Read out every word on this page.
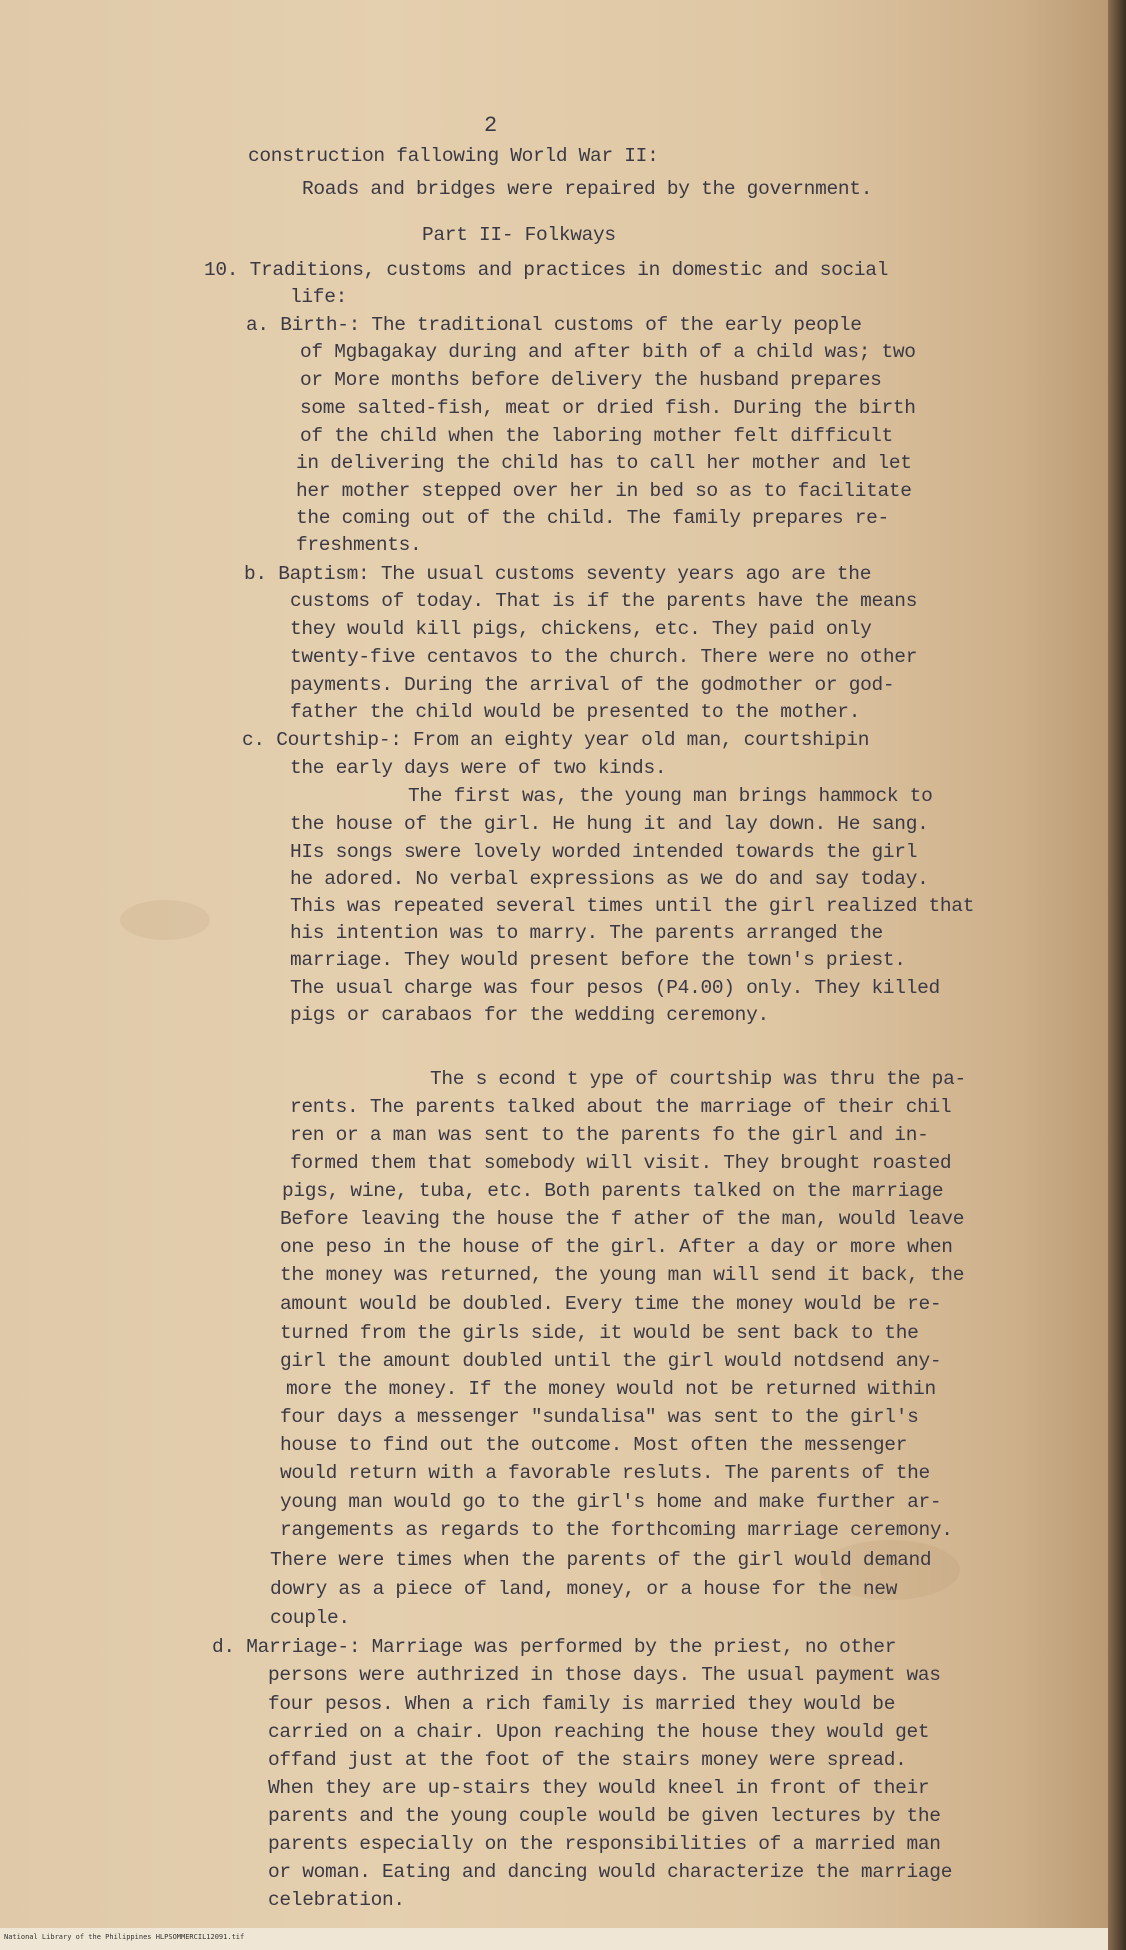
2
construction fallowing World War II:
Roads and bridges were repaired by the government.
Part II- Folkways
10. Traditions, customs and practices in domestic and social
life:
a. Birth-: The traditional customs of the early people
of Mgbagakay during and after bith of a child was; two
or More months before delivery the husband prepares
some salted-fish, meat or dried fish. During the birth
of the child when the laboring mother felt difficult
in delivering the child has to call her mother and let
her mother stepped over her in bed so as to facilitate
the coming out of the child. The family prepares re-
freshments.
b. Baptism: The usual customs seventy years ago are the
customs of today. That is if the parents have the means
they would kill pigs, chickens, etc. They paid only
twenty-five centavos to the church. There were no other
payments. During the arrival of the godmother or god-
father the child would be presented to the mother.
c. Courtship-: From an eighty year old man, courtshipin
the early days were of two kinds.
The first was, the young man brings hammock to
the house of the girl. He hung it and lay down. He sang.
HIs songs swere lovely worded intended towards the girl
he adored. No verbal expressions as we do and say today.
This was repeated several times until the girl realized that
his intention was to marry. The parents arranged the
marriage. They would present before the town's priest.
The usual charge was four pesos (P4.00) only. They killed
pigs or carabaos for the wedding ceremony.
The s econd t ype of courtship was thru the pa-
rents. The parents talked about the marriage of their chil
ren or a man was sent to the parents fo the girl and in-
formed them that somebody will visit. They brought roasted
pigs, wine, tuba, etc. Both parents talked on the marriage
Before leaving the house the f ather of the man, would leave
one peso in the house of the girl. After a day or more when
the money was returned, the young man will send it back, the
amount would be doubled. Every time the money would be re-
turned from the girls side, it would be sent back to the
girl the amount doubled until the girl would notdsend any-
more the money. If the money would not be returned within
four days a messenger "sundalisa" was sent to the girl's
house to find out the outcome. Most often the messenger
would return with a favorable resluts. The parents of the
young man would go to the girl's home and make further ar-
rangements as regards to the forthcoming marriage ceremony.
There were times when the parents of the girl would demand
dowry as a piece of land, money, or a house for the new
couple.
d. Marriage-: Marriage was performed by the priest, no other
persons were authrized in those days. The usual payment was
four pesos. When a rich family is married they would be
carried on a chair. Upon reaching the house they would get
offand just at the foot of the stairs money were spread.
When they are up-stairs they would kneel in front of their
parents and the young couple would be given lectures by the
parents especially on the responsibilities of a married man
or woman. Eating and dancing would characterize the marriage
celebration.
National Library of the Philippines HLPSOMMERCIL12091.tif
